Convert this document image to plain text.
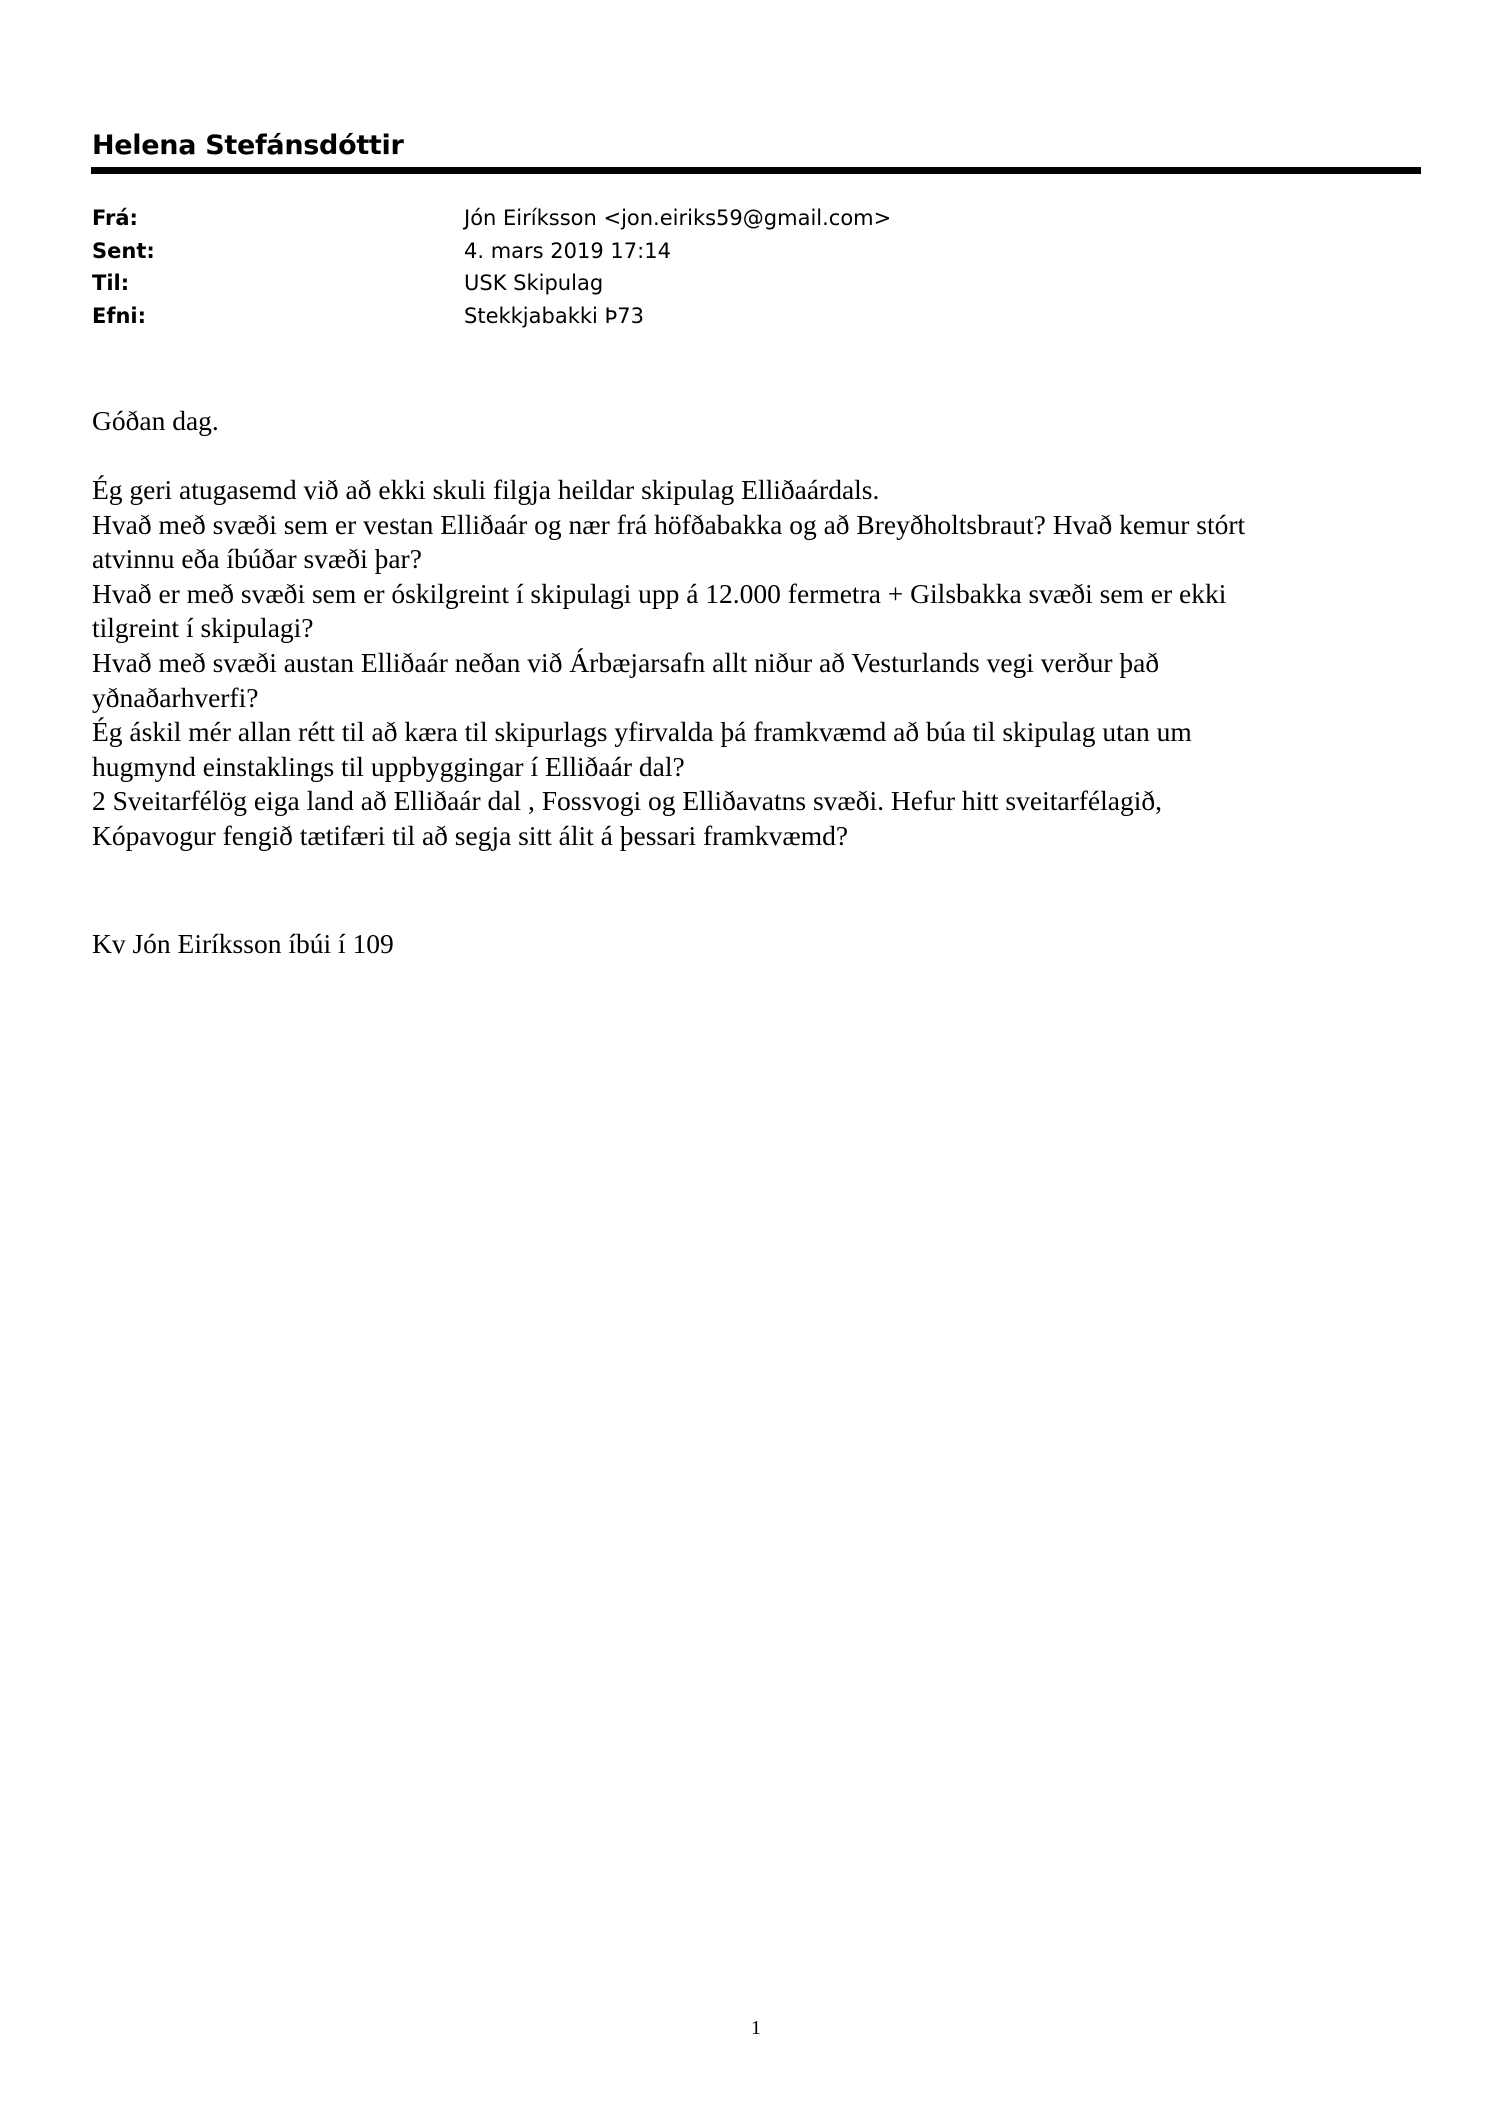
Helena Stefánsdóttir
Frá:	Jón Eiríksson <jon.eiriks59@gmail.com>
Sent:	4. mars 2019 17:14
Til:	USK Skipulag
Efni:	Stekkjabakki Þ73

Góðan dag.

Ég geri atugasemd við að ekki skuli filgja heildar skipulag Elliðaárdals.

Hvað með svæði sem er vestan Elliðaár og nær frá höfðabakka og að Breyðholtsbraut? Hvað kemur stórt

atvinnu eða íbúðar svæði þar?

Hvað er með svæði sem er óskilgreint í skipulagi upp á 12.000 fermetra + Gilsbakka svæði sem er ekki

tilgreint í skipulagi?

Hvað með svæði austan Elliðaár neðan við Árbæjarsafn allt niður að Vesturlands vegi verður það

yðnaðarhverfi?

Ég áskil mér allan rétt til að kæra til skipurlags yfirvalda þá framkvæmd að búa til skipulag utan um

hugmynd einstaklings til uppbyggingar í Elliðaár dal?

2 Sveitarfélög eiga land að Elliðaár dal , Fossvogi og Elliðavatns svæði. Hefur hitt sveitarfélagið,

Kópavogur fengið tætifæri til að segja sitt álit á þessari framkvæmd?

Kv Jón Eiríksson íbúi í 109
1
